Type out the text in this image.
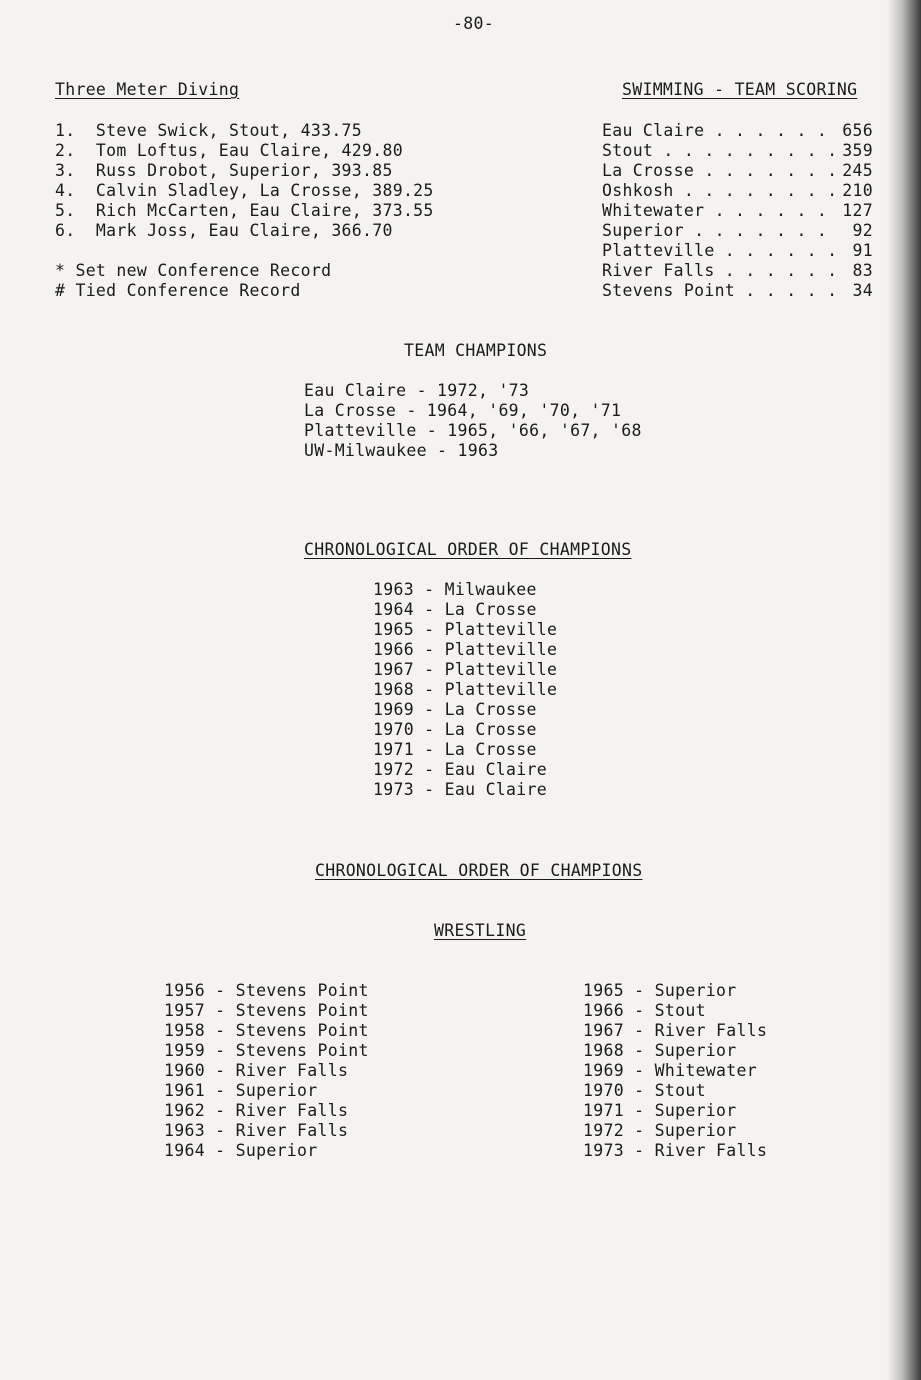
-80-
Three Meter Diving
1.  Steve Swick, Stout, 433.75
2.  Tom Loftus, Eau Claire, 429.80
3.  Russ Drobot, Superior, 393.85
4.  Calvin Sladley, La Crosse, 389.25
5.  Rich McCarten, Eau Claire, 373.55
6.  Mark Joss, Eau Claire, 366.70
* Set new Conference Record
# Tied Conference Record
SWIMMING - TEAM SCORING
Eau Claire . . . . . . 656
Stout . . . . . . . . . 359
La Crosse . . . . . . . 245
Oshkosh . . . . . . . . 210
Whitewater . . . . . . 127
Superior . . . . . . . 92
Platteville . . . . . . 91
River Falls . . . . . . 83
Stevens Point . . . . . 34
TEAM CHAMPIONS
Eau Claire - 1972, '73
La Crosse - 1964, '69, '70, '71
Platteville - 1965, '66, '67, '68
UW-Milwaukee - 1963
CHRONOLOGICAL ORDER OF CHAMPIONS
1963 - Milwaukee
1964 - La Crosse
1965 - Platteville
1966 - Platteville
1967 - Platteville
1968 - Platteville
1969 - La Crosse
1970 - La Crosse
1971 - La Crosse
1972 - Eau Claire
1973 - Eau Claire
CHRONOLOGICAL ORDER OF CHAMPIONS
WRESTLING
1956 - Stevens Point
1957 - Stevens Point
1958 - Stevens Point
1959 - Stevens Point
1960 - River Falls
1961 - Superior
1962 - River Falls
1963 - River Falls
1964 - Superior
1965 - Superior
1966 - Stout
1967 - River Falls
1968 - Superior
1969 - Whitewater
1970 - Stout
1971 - Superior
1972 - Superior
1973 - River Falls
